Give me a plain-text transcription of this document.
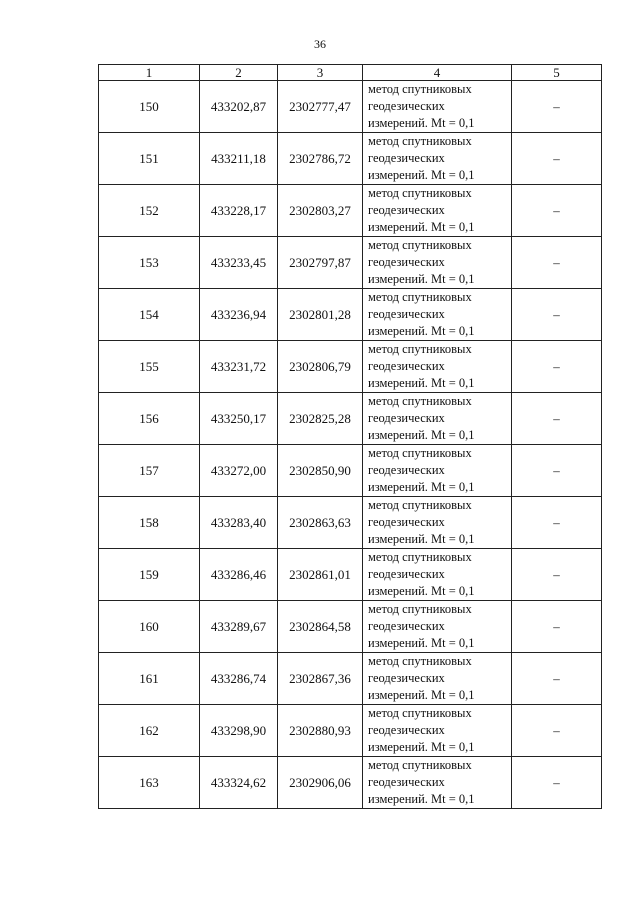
36
1	2	3	4	5
150	433202,87	2302777,47	метод спутниковых
геодезических
измерений. Mt = 0,1	–
151	433211,18	2302786,72	метод спутниковых
геодезических
измерений. Mt = 0,1	–
152	433228,17	2302803,27	метод спутниковых
геодезических
измерений. Mt = 0,1	–
153	433233,45	2302797,87	метод спутниковых
геодезических
измерений. Mt = 0,1	–
154	433236,94	2302801,28	метод спутниковых
геодезических
измерений. Mt = 0,1	–
155	433231,72	2302806,79	метод спутниковых
геодезических
измерений. Mt = 0,1	–
156	433250,17	2302825,28	метод спутниковых
геодезических
измерений. Mt = 0,1	–
157	433272,00	2302850,90	метод спутниковых
геодезических
измерений. Mt = 0,1	–
158	433283,40	2302863,63	метод спутниковых
геодезических
измерений. Mt = 0,1	–
159	433286,46	2302861,01	метод спутниковых
геодезических
измерений. Mt = 0,1	–
160	433289,67	2302864,58	метод спутниковых
геодезических
измерений. Mt = 0,1	–
161	433286,74	2302867,36	метод спутниковых
геодезических
измерений. Mt = 0,1	–
162	433298,90	2302880,93	метод спутниковых
геодезических
измерений. Mt = 0,1	–
163	433324,62	2302906,06	метод спутниковых
геодезических
измерений. Mt = 0,1	–
